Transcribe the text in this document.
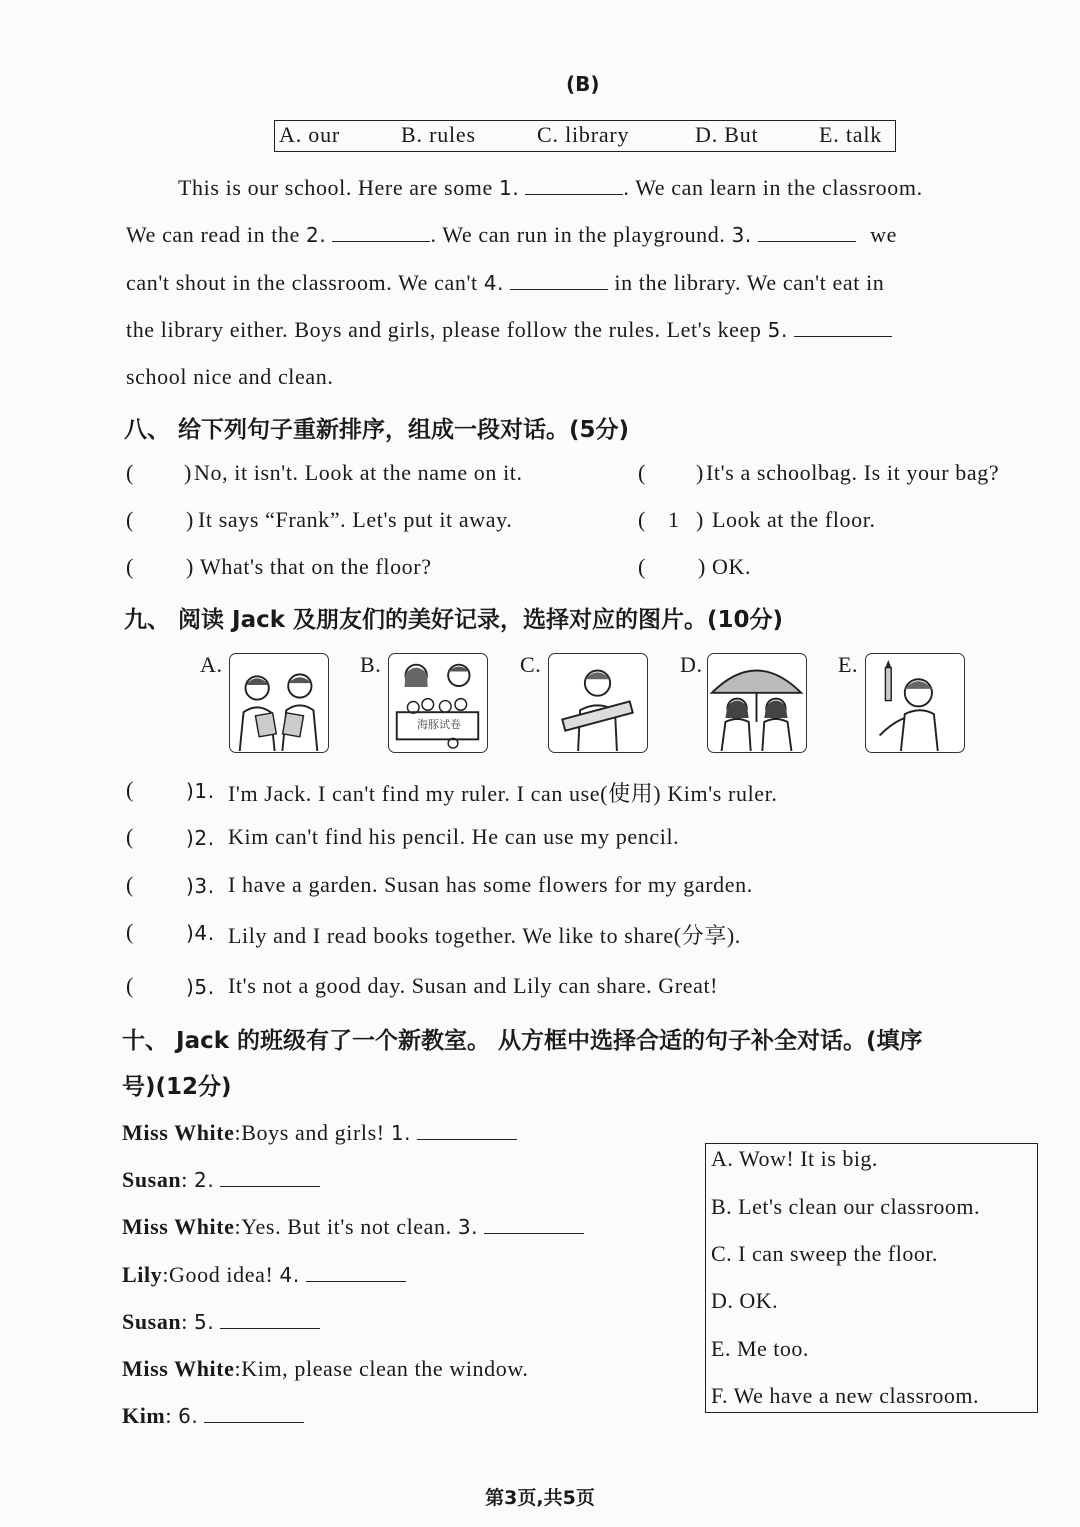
(B)
A. our	B. rules	C. library	D. But	E. talk
This is our school. Here are some 1.	. We can learn in the classroom.
We can read in the 2.	. We can run in the playground. 3.	we
can't shout in the classroom. We can't 4.	in the library. We can't eat in
the library either. Boys and girls, please follow the rules. Let's keep 5.
school nice and clean.
八、 给下列句子重新排序，组成一段对话。(5分)
( ) No, it isn't. Look at the name on it.	( ) It's a schoolbag. Is it your bag?
( ) It says “Frank”. Let's put it away.	( 1 ) Look at the floor.
( ) What's that on the floor?	( ) OK.
九、 阅读 Jack 及朋友们的美好记录，选择对应的图片。(10分)
A.	B.
海豚试卷
C.	D.	E.
(	)1. I'm Jack. I can't find my ruler. I can use(使用) Kim's ruler.
(	)2. Kim can't find his pencil. He can use my pencil.
(	)3. I have a garden. Susan has some flowers for my garden.
(	)4. Lily and I read books together. We like to share(分享).
(	)5. It's not a good day. Susan and Lily can share. Great!
十、 Jack 的班级有了一个新教室。 从方框中选择合适的句子补全对话。(填序
号)(12分)
Miss White:Boys and girls! 1.
Susan: 2.
Miss White:Yes. But it's not clean. 3.
Lily:Good idea! 4.
Susan: 5.
Miss White:Kim, please clean the window.
Kim: 6.
A. Wow! It is big.
B. Let's clean our classroom.
C. I can sweep the floor.
D. OK.
E. Me too.
F. We have a new classroom.
第3页,共5页
